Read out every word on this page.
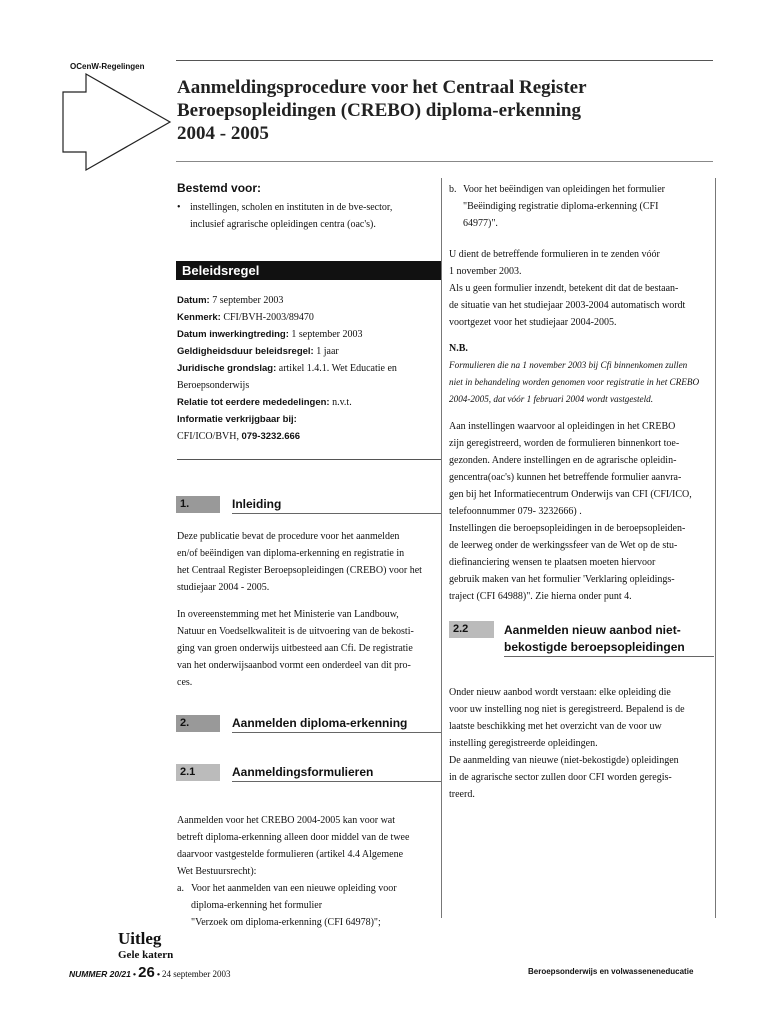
OCenW-Regelingen
Aanmeldingsprocedure voor het Centraal Register
Beroepsopleidingen (CREBO) diploma-erkenning
2004 - 2005
Bestemd voor:
• instellingen, scholen en instituten in de bve-sector,
inclusief agrarische opleidingen centra (oac's).
Beleidsregel
Datum: 7 september 2003
Kenmerk: CFI/BVH-2003/89470
Datum inwerkingtreding: 1 september 2003
Geldigheidsduur beleidsregel: 1 jaar
Juridische grondslag: artikel 1.4.1. Wet Educatie en
Beroepsonderwijs
Relatie tot eerdere mededelingen: n.v.t.
Informatie verkrijgbaar bij:
CFI/ICO/BVH, 079-3232.666
1.	Inleiding
Deze publicatie bevat de procedure voor het aanmelden
en/of beëindigen van diploma-erkenning en registratie in
het Centraal Register Beroepsopleidingen (CREBO) voor het
studiejaar 2004 - 2005.
In overeenstemming met het Ministerie van Landbouw,
Natuur en Voedselkwaliteit is de uitvoering van de bekosti-
ging van groen onderwijs uitbesteed aan Cfi. De registratie
van het onderwijsaanbod vormt een onderdeel van dit pro-
ces.
2.	Aanmelden diploma-erkenning
2.1	Aanmeldingsformulieren
Aanmelden voor het CREBO 2004-2005 kan voor wat
betreft diploma-erkenning alleen door middel van de twee
daarvoor vastgestelde formulieren (artikel 4.4 Algemene
Wet Bestuursrecht):
a. Voor het aanmelden van een nieuwe opleiding voor
diploma-erkenning het formulier
"Verzoek om diploma-erkenning (CFI 64978)";
b. Voor het beëindigen van opleidingen het formulier
"Beëindiging registratie diploma-erkenning (CFI
64977)".
U dient de betreffende formulieren in te zenden vóór
1 november 2003.
Als u geen formulier inzendt, betekent dit dat de bestaan-
de situatie van het studiejaar 2003-2004 automatisch wordt
voortgezet voor het studiejaar 2004-2005.
N.B.
Formulieren die na 1 november 2003 bij Cfi binnenkomen zullen
niet in behandeling worden genomen voor registratie in het CREBO
2004-2005, dat vóór 1 februari 2004 wordt vastgesteld.
Aan instellingen waarvoor al opleidingen in het CREBO
zijn geregistreerd, worden de formulieren binnenkort toe-
gezonden. Andere instellingen en de agrarische opleidin-
gencentra(oac's) kunnen het betreffende formulier aanvra-
gen bij het Informatiecentrum Onderwijs van CFI (CFI/ICO,
telefoonnummer 079- 3232666) .
Instellingen die beroepsopleidingen in de beroepsopleiden-
de leerweg onder de werkingssfeer van de Wet op de stu-
diefinanciering wensen te plaatsen moeten hiervoor
gebruik maken van het formulier 'Verklaring opleidings-
traject (CFI 64988)". Zie hierna onder punt 4.
2.2	Aanmelden nieuw aanbod niet-
bekostigde beroepsopleidingen
Onder nieuw aanbod wordt verstaan: elke opleiding die
voor uw instelling nog niet is geregistreerd. Bepalend is de
laatste beschikking met het overzicht van de voor uw
instelling geregistreerde opleidingen.
De aanmelding van nieuwe (niet-bekostigde) opleidingen
in de agrarische sector zullen door CFI worden geregis-
treerd.
Uitleg
Gele katern
NUMMER 20/21 • 26 • 24 september 2003	Beroepsonderwijs en volwasseneneducatie
